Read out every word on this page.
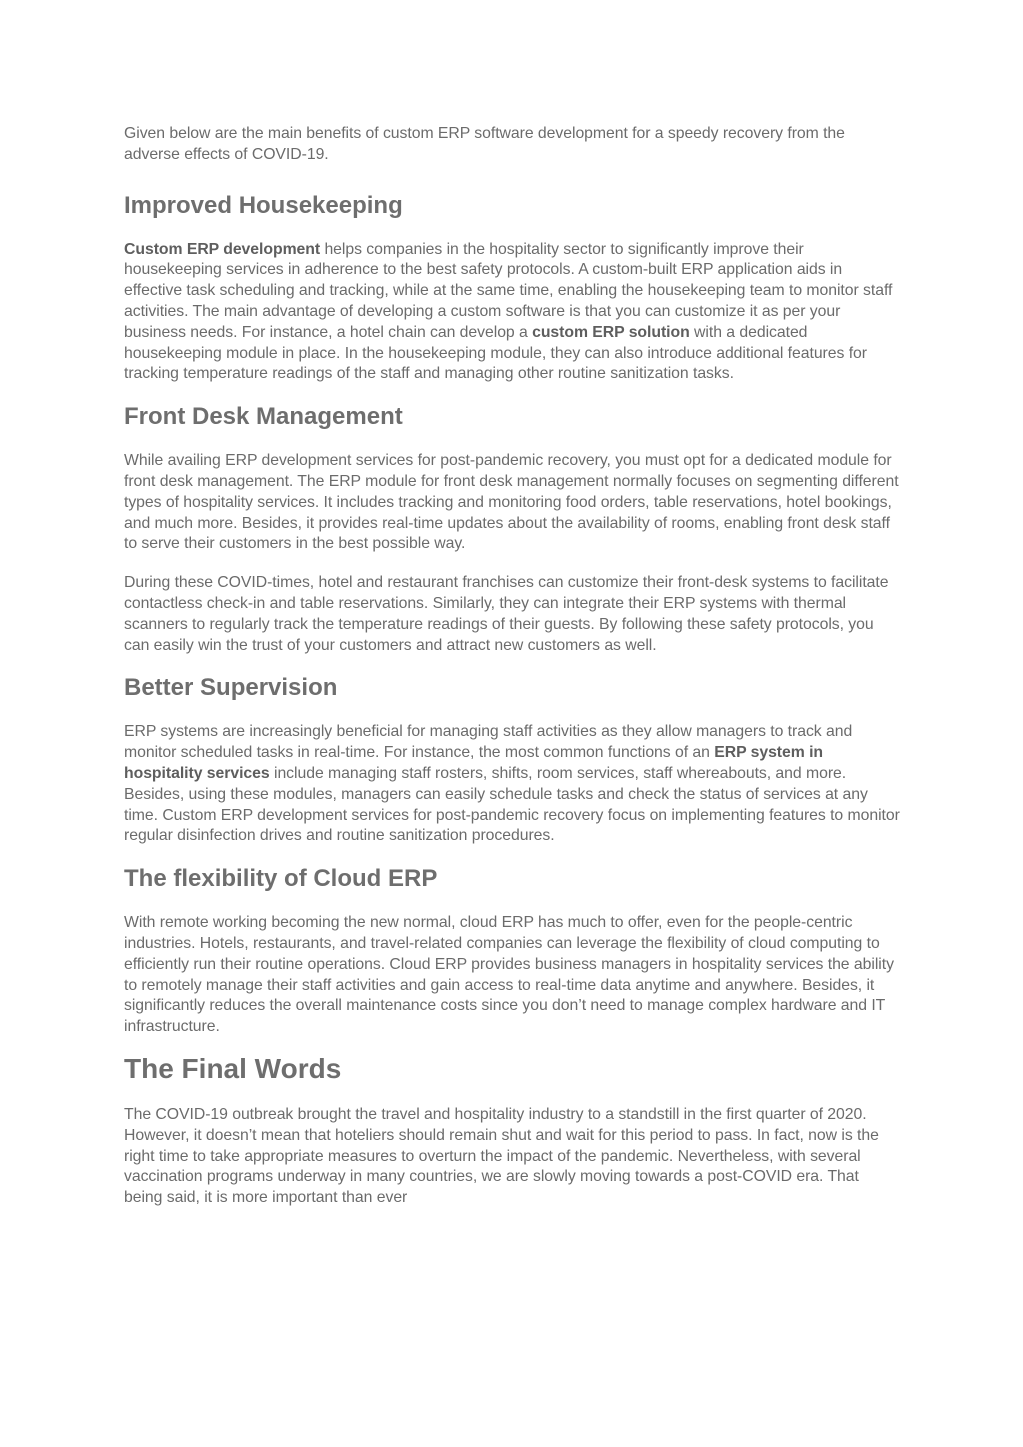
Given below are the main benefits of custom ERP software development for a speedy recovery from the adverse effects of COVID-19.

Improved Housekeeping

Custom ERP development helps companies in the hospitality sector to significantly improve their housekeeping services in adherence to the best safety protocols. A custom-built ERP application aids in effective task scheduling and tracking, while at the same time, enabling the housekeeping team to monitor staff activities. The main advantage of developing a custom software is that you can customize it as per your business needs. For instance, a hotel chain can develop a custom ERP solution with a dedicated housekeeping module in place. In the housekeeping module, they can also introduce additional features for tracking temperature readings of the staff and managing other routine sanitization tasks.

Front Desk Management

While availing ERP development services for post-pandemic recovery, you must opt for a dedicated module for front desk management. The ERP module for front desk management normally focuses on segmenting different types of hospitality services. It includes tracking and monitoring food orders, table reservations, hotel bookings, and much more. Besides, it provides real-time updates about the availability of rooms, enabling front desk staff to serve their customers in the best possible way.

During these COVID-times, hotel and restaurant franchises can customize their front-desk systems to facilitate contactless check-in and table reservations. Similarly, they can integrate their ERP systems with thermal scanners to regularly track the temperature readings of their guests. By following these safety protocols, you can easily win the trust of your customers and attract new customers as well.

Better Supervision

ERP systems are increasingly beneficial for managing staff activities as they allow managers to track and monitor scheduled tasks in real-time. For instance, the most common functions of an ERP system in hospitality services include managing staff rosters, shifts, room services, staff whereabouts, and more. Besides, using these modules, managers can easily schedule tasks and check the status of services at any time. Custom ERP development services for post-pandemic recovery focus on implementing features to monitor regular disinfection drives and routine sanitization procedures.

The flexibility of Cloud ERP

With remote working becoming the new normal, cloud ERP has much to offer, even for the people-centric industries. Hotels, restaurants, and travel-related companies can leverage the flexibility of cloud computing to efficiently run their routine operations. Cloud ERP provides business managers in hospitality services the ability to remotely manage their staff activities and gain access to real-time data anytime and anywhere. Besides, it significantly reduces the overall maintenance costs since you don’t need to manage complex hardware and IT infrastructure.

The Final Words

The COVID-19 outbreak brought the travel and hospitality industry to a standstill in the first quarter of 2020. However, it doesn’t mean that hoteliers should remain shut and wait for this period to pass. In fact, now is the right time to take appropriate measures to overturn the impact of the pandemic. Nevertheless, with several vaccination programs underway in many countries, we are slowly moving towards a post-COVID era. That being said, it is more important than ever
